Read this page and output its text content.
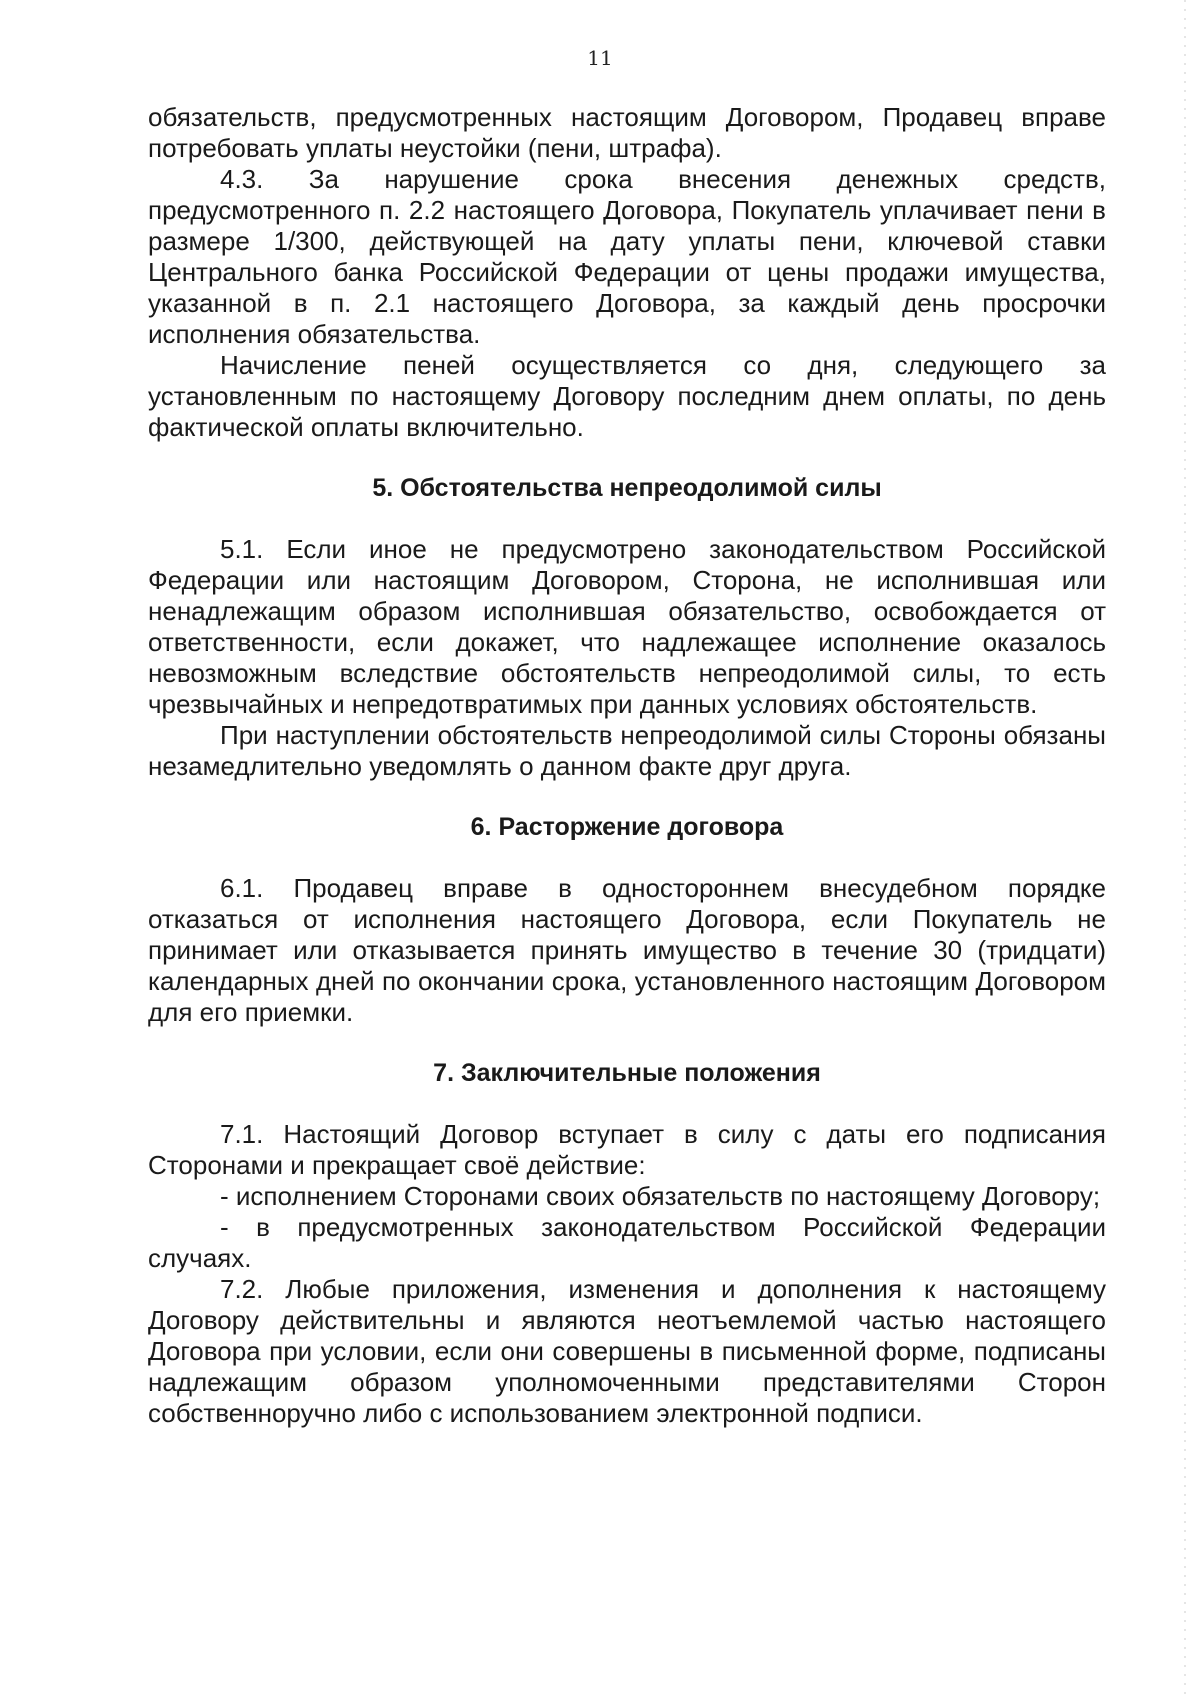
11

обязательств, предусмотренных настоящим Договором, Продавец вправе потребовать уплаты неустойки (пени, штрафа).

4.3. За нарушение срока внесения денежных средств, предусмотренного п. 2.2 настоящего Договора, Покупатель уплачивает пени в размере 1/300, действующей на дату уплаты пени, ключевой ставки Центрального банка Российской Федерации от цены продажи имущества, указанной в п. 2.1 настоящего Договора, за каждый день просрочки исполнения обязательства.

Начисление пеней осуществляется со дня, следующего за установленным по настоящему Договору последним днем оплаты, по день фактической оплаты включительно.

5. Обстоятельства непреодолимой силы

5.1. Если иное не предусмотрено законодательством Российской Федерации или настоящим Договором, Сторона, не исполнившая или ненадлежащим образом исполнившая обязательство, освобождается от ответственности, если докажет, что надлежащее исполнение оказалось невозможным вследствие обстоятельств непреодолимой силы, то есть чрезвычайных и непредотвратимых при данных условиях обстоятельств.

При наступлении обстоятельств непреодолимой силы Стороны обязаны незамедлительно уведомлять о данном факте друг друга.

6. Расторжение договора

6.1. Продавец вправе в одностороннем внесудебном порядке отказаться от исполнения настоящего Договора, если Покупатель не принимает или отказывается принять имущество в течение 30 (тридцати) календарных дней по окончании срока, установленного настоящим Договором для его приемки.

7. Заключительные положения

7.1. Настоящий Договор вступает в силу с даты его подписания Сторонами и прекращает своё действие:

- исполнением Сторонами своих обязательств по настоящему Договору;

- в предусмотренных законодательством Российской Федерации случаях.

7.2. Любые приложения, изменения и дополнения к настоящему Договору действительны и являются неотъемлемой частью настоящего Договора при условии, если они совершены в письменной форме, подписаны надлежащим образом уполномоченными представителями Сторон собственноручно либо с использованием электронной подписи.
